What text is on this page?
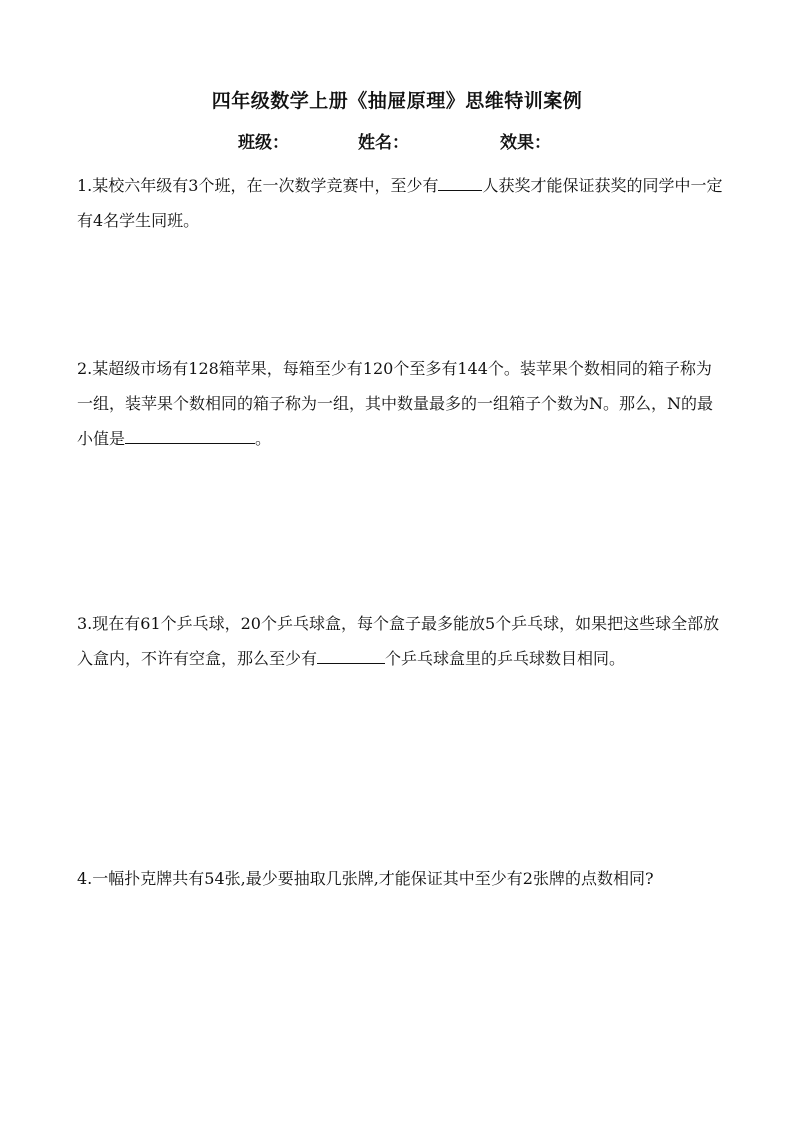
四年级数学上册《抽屉原理》思维特训案例
班级：	姓名：	效果：
1.某校六年级有3个班，在一次数学竞赛中，至少有	人获奖才能保证获奖的同学中一定有4名学生同班。
2.某超级市场有128箱苹果，每箱至少有120个至多有144个。装苹果个数相同的箱子称为一组，装苹果个数相同的箱子称为一组，其中数量最多的一组箱子个数为N。那么，N的最小值是	。
3.现在有61个乒乓球，20个乒乓球盒，每个盒子最多能放5个乒乓球，如果把这些球全部放入盒内，不许有空盒，那么至少有	个乒乓球盒里的乒乓球数目相同。
4.一幅扑克牌共有54张,最少要抽取几张牌,才能保证其中至少有2张牌的点数相同?
